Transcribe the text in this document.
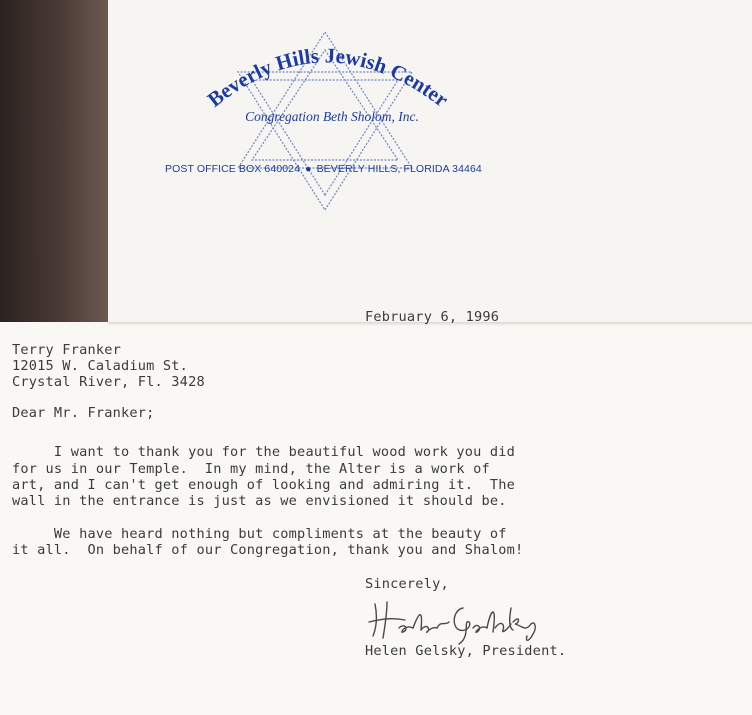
Beverly Hills Jewish Center
Congregation Beth Sholom, Inc.
POST OFFICE BOX 640024 ● BEVERLY HILLS, FLORIDA 34464
February 6, 1996
Terry Franker
12015 W. Caladium St.
Crystal River, Fl. 3428
Dear Mr. Franker;
I want to thank you for the beautiful wood work you did
for us in our Temple.  In my mind, the Alter is a work of
art, and I can't get enough of looking and admiring it.  The
wall in the entrance is just as we envisioned it should be.
We have heard nothing but compliments at the beauty of
it all.  On behalf of our Congregation, thank you and Shalom!
Sincerely,
Helen Gelsky, President.
